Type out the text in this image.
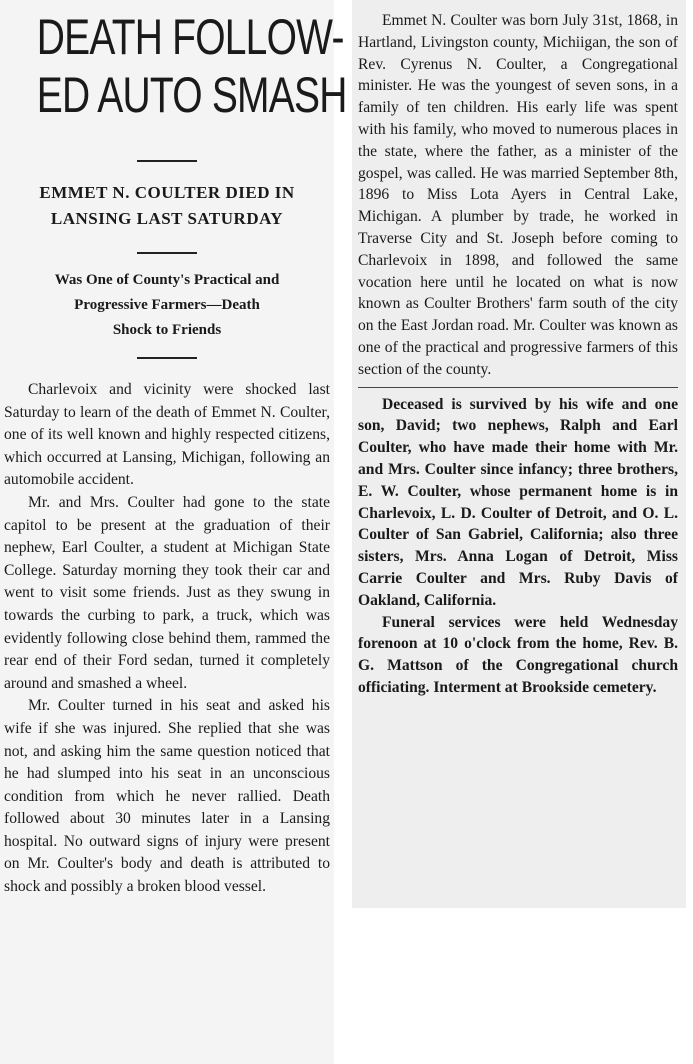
DEATH FOLLOW-
ED AUTO SMASH

EMMET N. COULTER DIED IN
LANSING LAST SATURDAY

Was One of County's Practical and
Progressive Farmers—Death
Shock to Friends

Charlevoix and vicinity were shocked last Saturday to learn of the death of Emmet N. Coulter, one of its well known and highly respected citizens, which occurred at Lansing, Michigan, following an automobile accident.

Mr. and Mrs. Coulter had gone to the state capitol to be present at the graduation of their nephew, Earl Coulter, a student at Michigan State College. Saturday morning they took their car and went to visit some friends. Just as they swung in towards the curbing to park, a truck, which was evidently following close behind them, rammed the rear end of their Ford sedan, turned it completely around and smashed a wheel.

Mr. Coulter turned in his seat and asked his wife if she was injured. She replied that she was not, and asking him the same question noticed that he had slumped into his seat in an unconscious condition from which he never rallied. Death followed about 30 minutes later in a Lansing hospital. No outward signs of injury were present on Mr. Coulter's body and death is attributed to shock and possibly a broken blood vessel.

Emmet N. Coulter was born July 31st, 1868, in Hartland, Livingston county, Michiigan, the son of Rev. Cyrenus N. Coulter, a Congregational minister. He was the youngest of seven sons, in a family of ten children. His early life was spent with his family, who moved to numerous places in the state, where the father, as a minister of the gospel, was called. He was married September 8th, 1896 to Miss Lota Ayers in Central Lake, Michigan. A plumber by trade, he worked in Traverse City and St. Joseph before coming to Charlevoix in 1898, and followed the same vocation here until he located on what is now known as Coulter Brothers' farm south of the city on the East Jordan road. Mr. Coulter was known as one of the practical and progressive farmers of this section of the county.

Deceased is survived by his wife and one son, David; two nephews, Ralph and Earl Coulter, who have made their home with Mr. and Mrs. Coulter since infancy; three brothers, E. W. Coulter, whose permanent home is in Charlevoix, L. D. Coulter of Detroit, and O. L. Coulter of San Gabriel, California; also three sisters, Mrs. Anna Logan of Detroit, Miss Carrie Coulter and Mrs. Ruby Davis of Oakland, California.

Funeral services were held Wednesday forenoon at 10 o'clock from the home, Rev. B. G. Mattson of the Congregational church officiating. Interment at Brookside cemetery.
